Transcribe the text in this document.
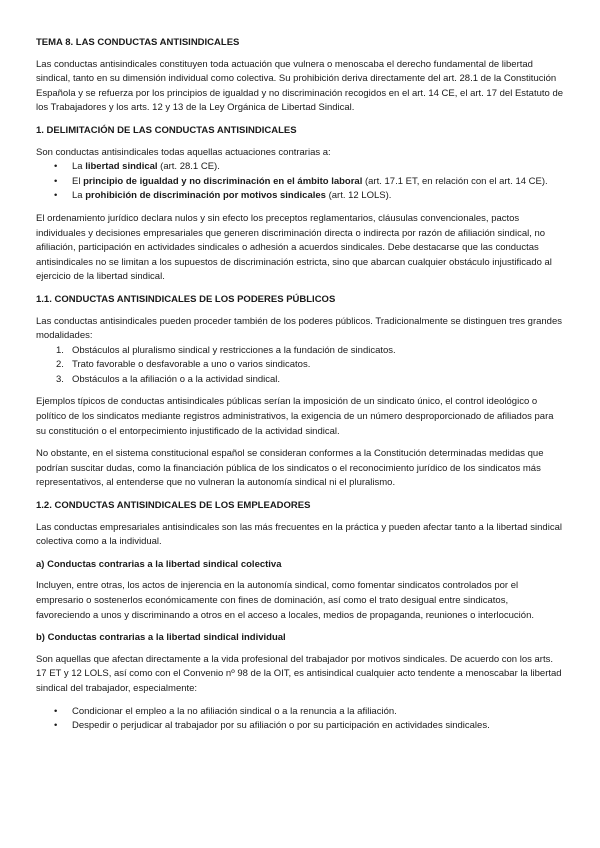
TEMA 8. LAS CONDUCTAS ANTISINDICALES

Las conductas antisindicales constituyen toda actuación que vulnera o menoscaba el derecho fundamental de libertad sindical, tanto en su dimensión individual como colectiva. Su prohibición deriva directamente del art. 28.1 de la Constitución Española y se refuerza por los principios de igualdad y no discriminación recogidos en el art. 14 CE, el art. 17 del Estatuto de los Trabajadores y los arts. 12 y 13 de la Ley Orgánica de Libertad Sindical.

1. DELIMITACIÓN DE LAS CONDUCTAS ANTISINDICALES

Son conductas antisindicales todas aquellas actuaciones contrarias a:

• La libertad sindical (art. 28.1 CE).
• El principio de igualdad y no discriminación en el ámbito laboral (art. 17.1 ET, en relación con el art. 14 CE).
• La prohibición de discriminación por motivos sindicales (art. 12 LOLS).

El ordenamiento jurídico declara nulos y sin efecto los preceptos reglamentarios, cláusulas convencionales, pactos individuales y decisiones empresariales que generen discriminación directa o indirecta por razón de afiliación sindical, no afiliación, participación en actividades sindicales o adhesión a acuerdos sindicales. Debe destacarse que las conductas antisindicales no se limitan a los supuestos de discriminación estricta, sino que abarcan cualquier obstáculo injustificado al ejercicio de la libertad sindical.

1.1. CONDUCTAS ANTISINDICALES DE LOS PODERES PÚBLICOS

Las conductas antisindicales pueden proceder también de los poderes públicos. Tradicionalmente se distinguen tres grandes modalidades:

1. Obstáculos al pluralismo sindical y restricciones a la fundación de sindicatos.
2. Trato favorable o desfavorable a uno o varios sindicatos.
3. Obstáculos a la afiliación o a la actividad sindical.

Ejemplos típicos de conductas antisindicales públicas serían la imposición de un sindicato único, el control ideológico o político de los sindicatos mediante registros administrativos, la exigencia de un número desproporcionado de afiliados para su constitución o el entorpecimiento injustificado de la actividad sindical.

No obstante, en el sistema constitucional español se consideran conformes a la Constitución determinadas medidas que podrían suscitar dudas, como la financiación pública de los sindicatos o el reconocimiento jurídico de los sindicatos más representativos, al entenderse que no vulneran la autonomía sindical ni el pluralismo.

1.2. CONDUCTAS ANTISINDICALES DE LOS EMPLEADORES

Las conductas empresariales antisindicales son las más frecuentes en la práctica y pueden afectar tanto a la libertad sindical colectiva como a la individual.

a) Conductas contrarias a la libertad sindical colectiva

Incluyen, entre otras, los actos de injerencia en la autonomía sindical, como fomentar sindicatos controlados por el empresario o sostenerlos económicamente con fines de dominación, así como el trato desigual entre sindicatos, favoreciendo a unos y discriminando a otros en el acceso a locales, medios de propaganda, reuniones o interlocución.

b) Conductas contrarias a la libertad sindical individual

Son aquellas que afectan directamente a la vida profesional del trabajador por motivos sindicales. De acuerdo con los arts. 17 ET y 12 LOLS, así como con el Convenio nº 98 de la OIT, es antisindical cualquier acto tendente a menoscabar la libertad sindical del trabajador, especialmente:

• Condicionar el empleo a la no afiliación sindical o a la renuncia a la afiliación.
• Despedir o perjudicar al trabajador por su afiliación o por su participación en actividades sindicales.
